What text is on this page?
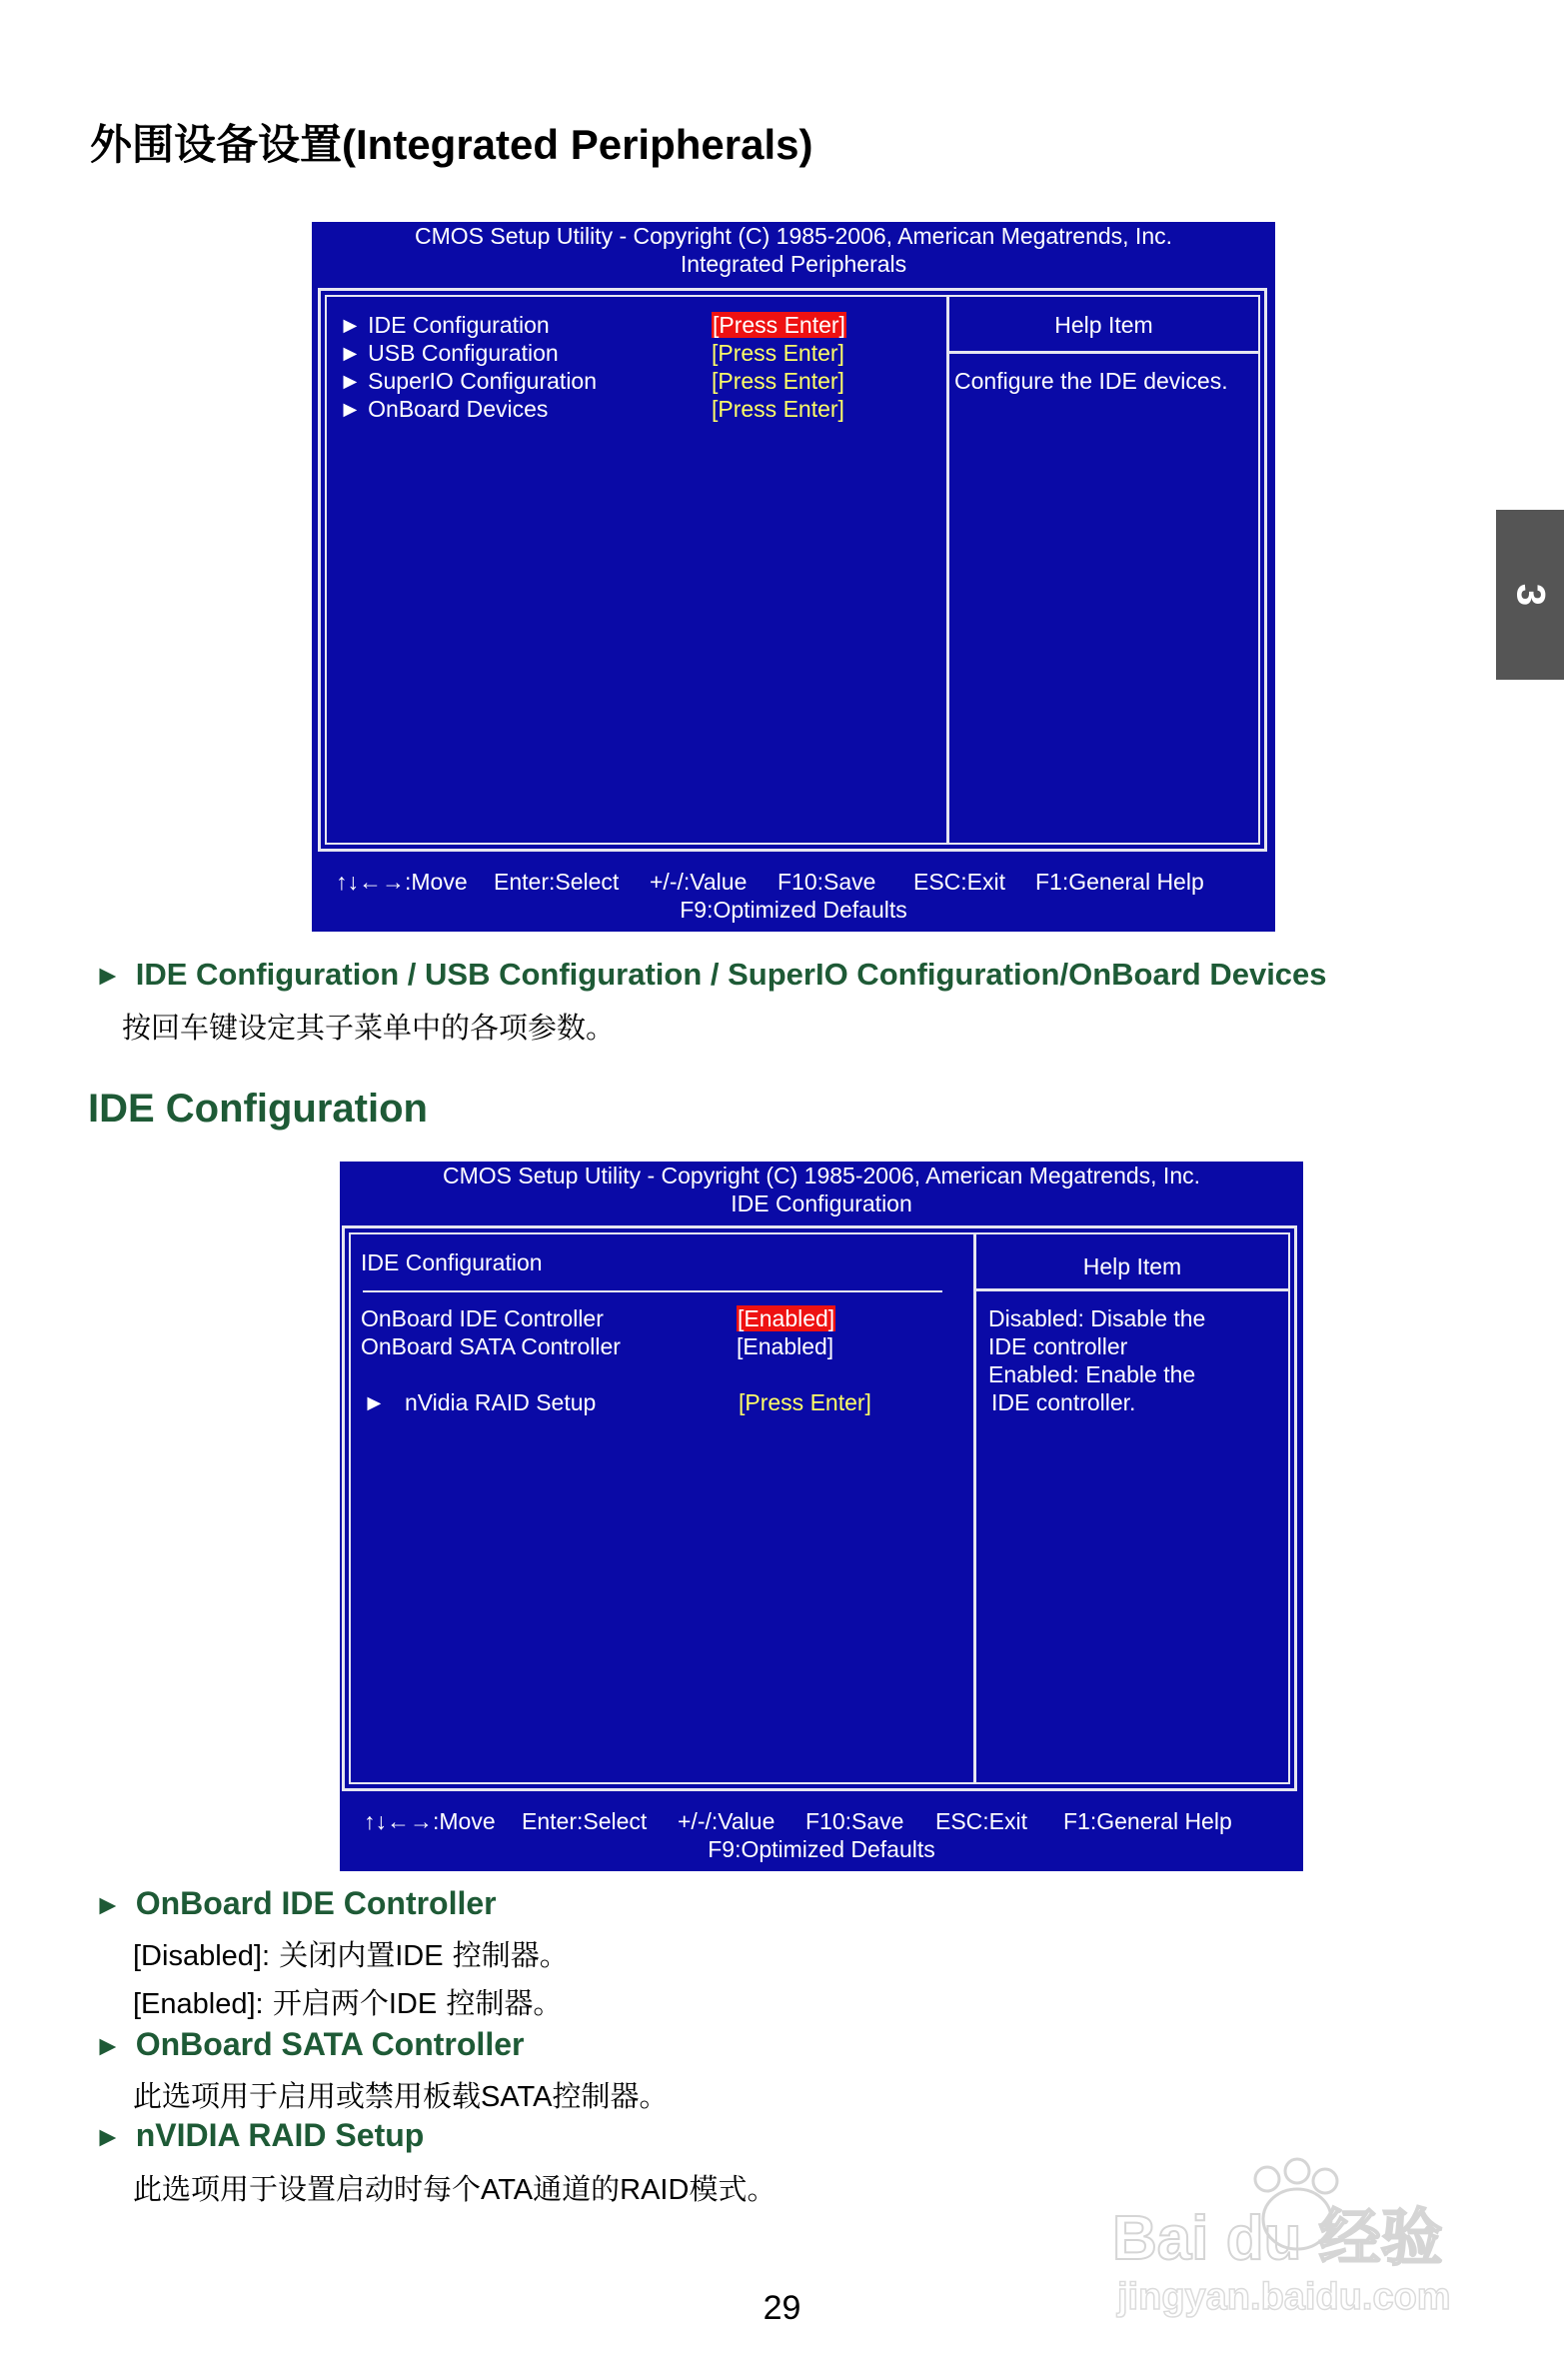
外围设备设置(Integrated Peripherals)
3
CMOS Setup Utility - Copyright (C) 1985-2006, American Megatrends, Inc.
Integrated Peripherals
► IDE Configuration
► USB Configuration
► SuperIO Configuration
► OnBoard Devices
[Press Enter]
[Press Enter]
[Press Enter]
[Press Enter]
Help Item
Configure the IDE devices.
↑↓←→:Move Enter:Select +/-/:Value F10:Save ESC:Exit F1:General Help
F9:Optimized Defaults
► IDE Configuration / USB Configuration / SuperIO Configuration/OnBoard Devices
按回车键设定其子菜单中的各项参数。
IDE Configuration
CMOS Setup Utility - Copyright (C) 1985-2006, American Megatrends, Inc.
IDE Configuration
IDE Configuration
OnBoard IDE Controller
OnBoard SATA Controller
►   nVidia RAID Setup
[Enabled]
[Enabled]
[Press Enter]
Help Item
Disabled: Disable the
IDE controller
Enabled: Enable the
IDE controller.
↑↓←→:Move Enter:Select +/-/:Value F10:Save ESC:Exit F1:General Help
F9:Optimized Defaults
► OnBoard IDE Controller
[Disabled]: 关闭内置IDE 控制器。
[Enabled]: 开启两个IDE 控制器。
► OnBoard SATA Controller
此选项用于启用或禁用板载SATA控制器。
► nVIDIA RAID Setup
此选项用于设置启动时每个ATA通道的RAID模式。
29
Bai du 经验
jingyan.baidu.com
